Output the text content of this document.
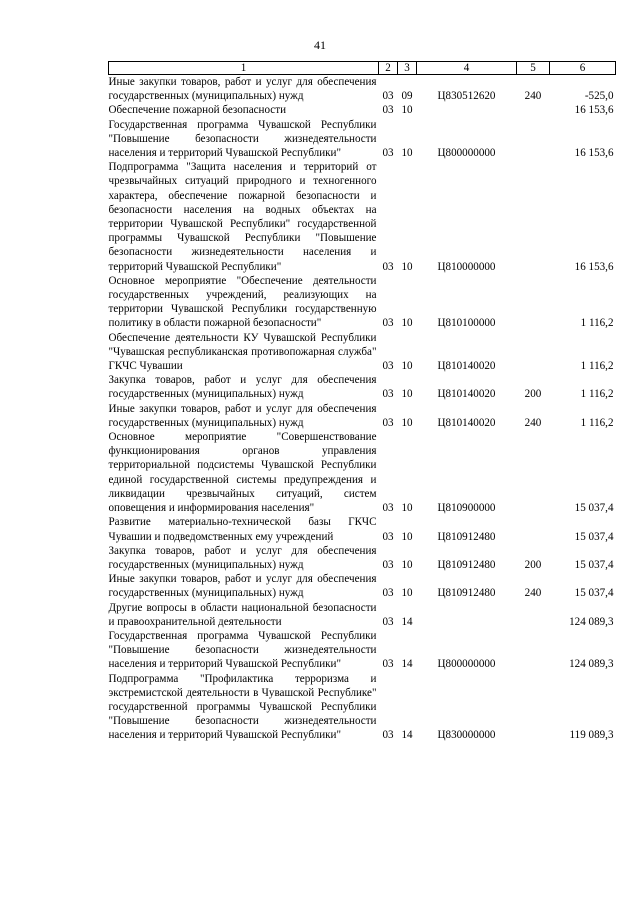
41
1	2	3	4	5	6
Иные закупки товаров, работ и услуг для обеспечения государственных (муниципальных) нужд	03	09	Ц830512620	240	-525,0
Обеспечение пожарной безопасности	03	10			16 153,6
Государственная программа Чувашской Республики "Повышение безопасности жизнедеятельности населения и территорий Чувашской Республики"	03	10	Ц800000000		16 153,6
Подпрограмма "Защита населения и территорий от чрезвычайных ситуаций природного и техногенного характера, обеспечение пожарной безопасности и безопасности населения на водных объектах на территории Чувашской Республики" государственной программы Чувашской Республики "Повышение безопасности жизнедеятельности населения и территорий Чувашской Республики"	03	10	Ц810000000		16 153,6
Основное мероприятие "Обеспечение деятельности государственных учреждений, реализующих на территории Чувашской Республики государственную политику в области пожарной безопасности"	03	10	Ц810100000		1 116,2
Обеспечение деятельности КУ Чувашской Республики "Чувашская республиканская противопожарная служба" ГКЧС Чувашии	03	10	Ц810140020		1 116,2
Закупка товаров, работ и услуг для обеспечения государственных (муниципальных) нужд	03	10	Ц810140020	200	1 116,2
Иные закупки товаров, работ и услуг для обеспечения государственных (муниципальных) нужд	03	10	Ц810140020	240	1 116,2
Основное мероприятие "Совершенствование функционирования органов управления территориальной подсистемы Чувашской Республики единой государственной системы предупреждения и ликвидации чрезвычайных ситуаций, систем оповещения и информирования населения"	03	10	Ц810900000		15 037,4
Развитие материально-технической базы ГКЧС Чувашии и подведомственных ему учреждений	03	10	Ц810912480		15 037,4
Закупка товаров, работ и услуг для обеспечения государственных (муниципальных) нужд	03	10	Ц810912480	200	15 037,4
Иные закупки товаров, работ и услуг для обеспечения государственных (муниципальных) нужд	03	10	Ц810912480	240	15 037,4
Другие вопросы в области национальной безопасности и правоохранительной деятельности	03	14			124 089,3
Государственная программа Чувашской Республики "Повышение безопасности жизнедеятельности населения и территорий Чувашской Республики"	03	14	Ц800000000		124 089,3
Подпрограмма "Профилактика терроризма и экстремистской деятельности в Чувашской Республике" государственной программы Чувашской Республики "Повышение безопасности жизнедеятельности населения и территорий Чувашской Республики"	03	14	Ц830000000		119 089,3
